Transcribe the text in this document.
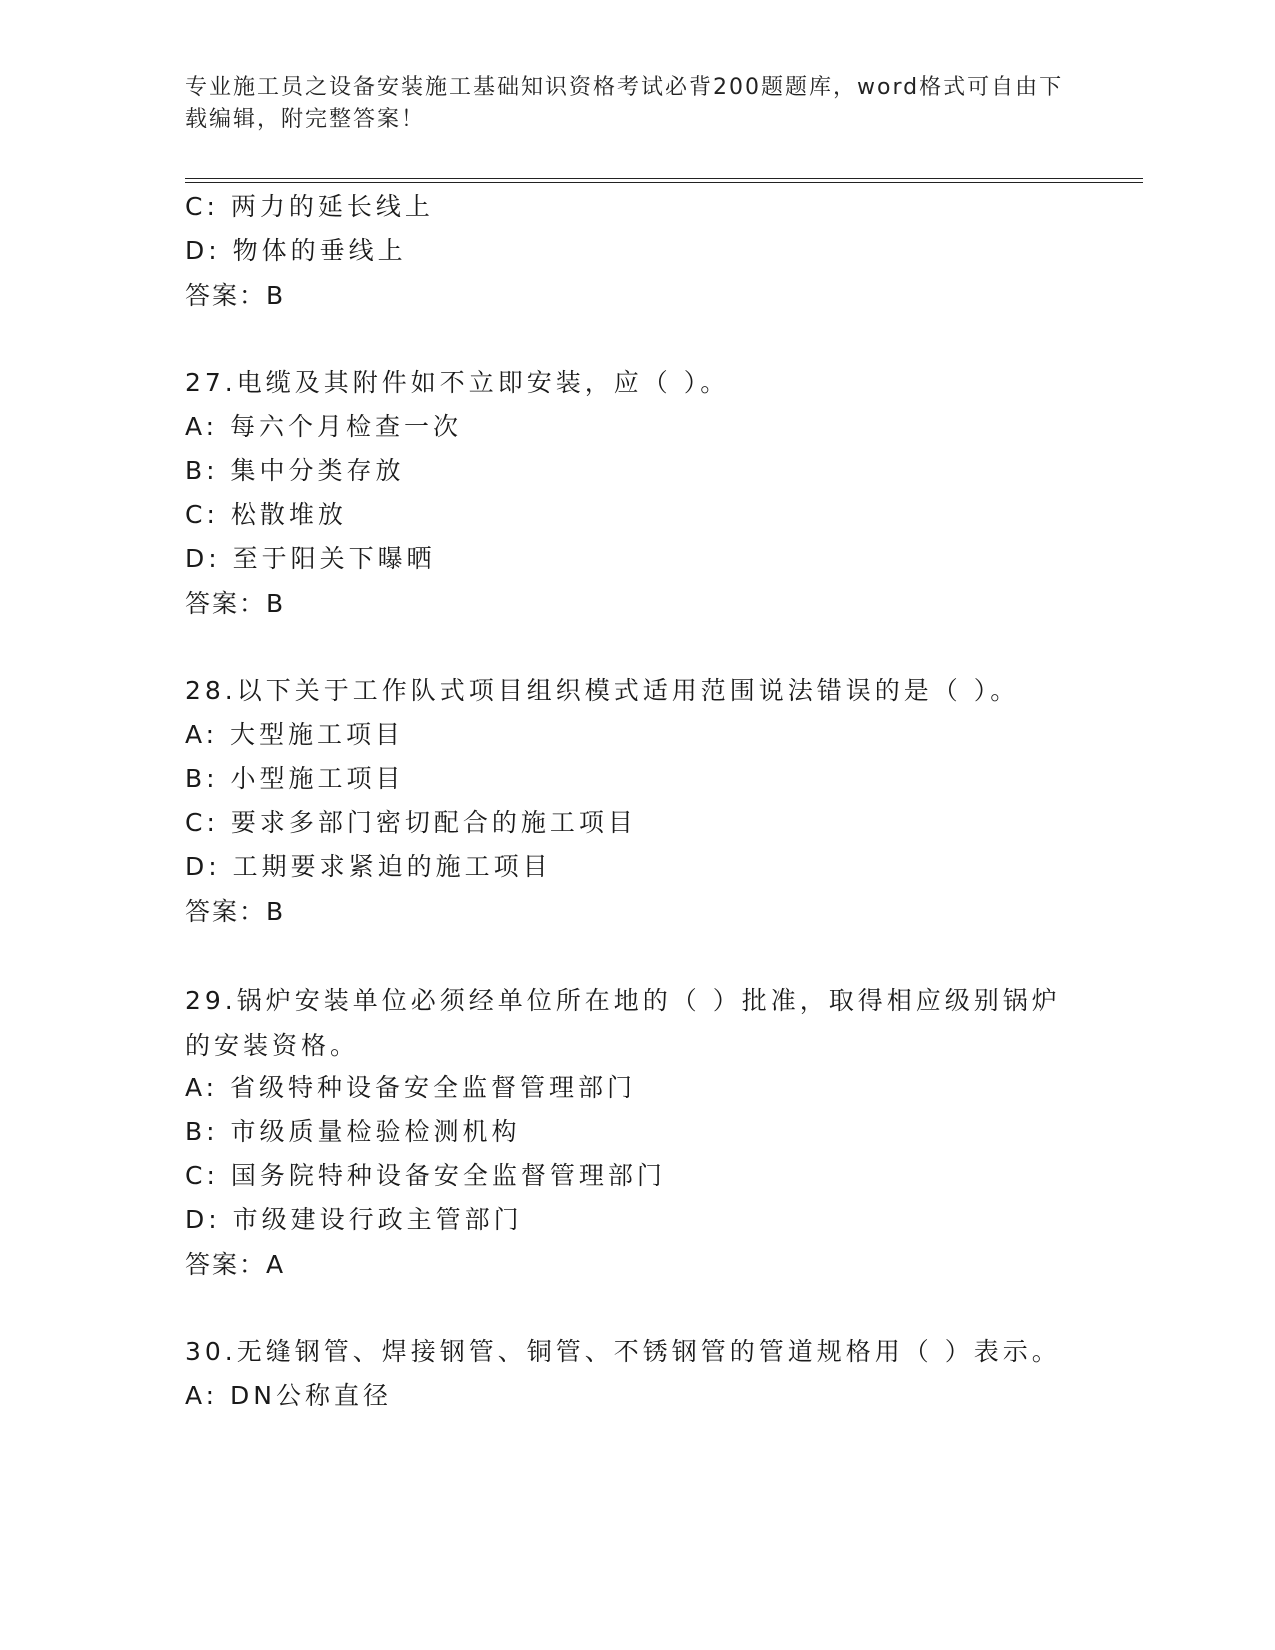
专业施工员之设备安装施工基础知识资格考试必背200题题库，word格式可自由下载编辑，附完整答案！
C: 两力的延长线上
D: 物体的垂线上
答案：B
27.电缆及其附件如不立即安装，应（ ）。
A: 每六个月检查一次
B: 集中分类存放
C: 松散堆放
D: 至于阳关下曝晒
答案：B
28.以下关于工作队式项目组织模式适用范围说法错误的是（ ）。
A: 大型施工项目
B: 小型施工项目
C: 要求多部门密切配合的施工项目
D: 工期要求紧迫的施工项目
答案：B
29.锅炉安装单位必须经单位所在地的（ ）批准，取得相应级别锅炉的安装资格。
A: 省级特种设备安全监督管理部门
B: 市级质量检验检测机构
C: 国务院特种设备安全监督管理部门
D: 市级建设行政主管部门
答案：A
30.无缝钢管、焊接钢管、铜管、不锈钢管的管道规格用（ ）表示。
A: DN公称直径
